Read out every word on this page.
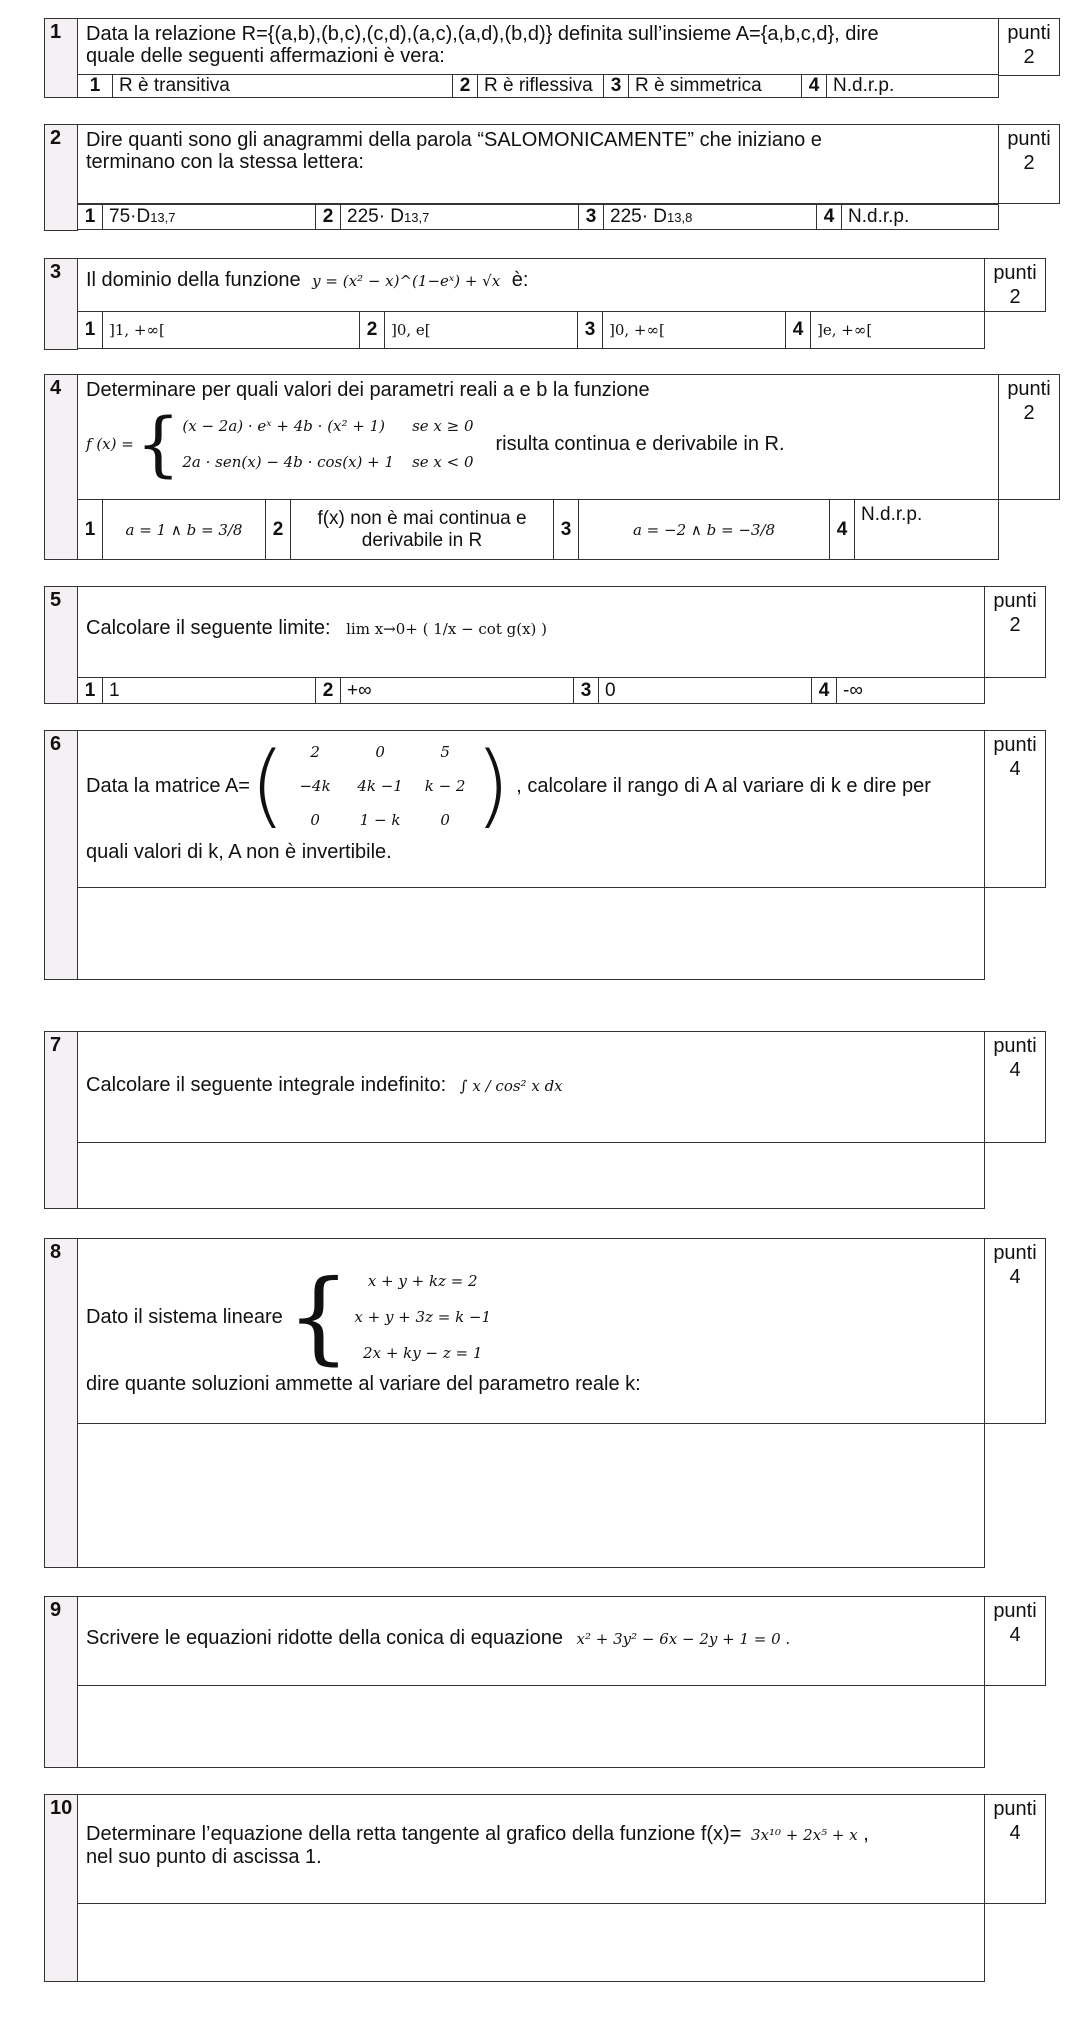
1	Data la relazione R={(a,b),(b,c),(c,d),(a,c),(a,d),(b,d)} definita sull’insieme A={a,b,c,d}, dire
quale delle seguenti affermazioni è vera:
punti
2
1 R è transitiva	2 R è riflessiva 3 R è simmetrica	4 N.d.r.p.
2	Dire quanti sono gli anagrammi della parola “SALOMONICAMENTE” che iniziano e
terminano con la stessa lettera:
punti
2
1 75·D 13,7	2 225· D 13,7	3 225· D 13,8	4 N.d.r.p.
3	Il dominio della funzione y = (x² − x)^(1−eˣ) + √x è:	punti
2
1 ]1, +∞[	2 ]0, e[	3 ]0, +∞[	4 ]e, +∞[
4	Determinare per quali valori dei parametri reali a e b la funzione
f (x) = { (x − 2a) · eˣ + 4b · (x² + 1)	se x ≥ 0
2a · sen(x) − 4b · cos(x) + 1 se x < 0
risulta continua e derivabile in R.
punti
2
1	a = 1 ∧ b = 3/8	2
f(x) non è mai continua e derivabile in R
3	a = −2 ∧ b = −3/8	4
N.d.r.p.
5
Calcolare il seguente limite: lim x→0+ ( 1/x − cot g(x) )
punti
2
1 1	2 +∞	3 0	4 -∞
6
Data la matrice A= (	2	0	5
−4k	4k −1	k − 2
0	1 − k	0 ) , calcolare il rango di A al variare di k e dire per
quali valori di k, A non è invertibile.
punti
4
7
Calcolare il seguente integrale indefinito: ∫ x / cos² x dx
punti
4
8
Dato il sistema lineare { x + y + kz = 2
x + y + 3z = k −1
2x + ky − z = 1
dire quante soluzioni ammette al variare del parametro reale k:
punti
4
9
Scrivere le equazioni ridotte della conica di equazione x² + 3y² − 6x − 2y + 1 = 0 .
punti
4
10
Determinare l’equazione della retta tangente al grafico della funzione f(x)= 3x¹⁰ + 2x⁵ + x ,
nel suo punto di ascissa 1.
punti
4
